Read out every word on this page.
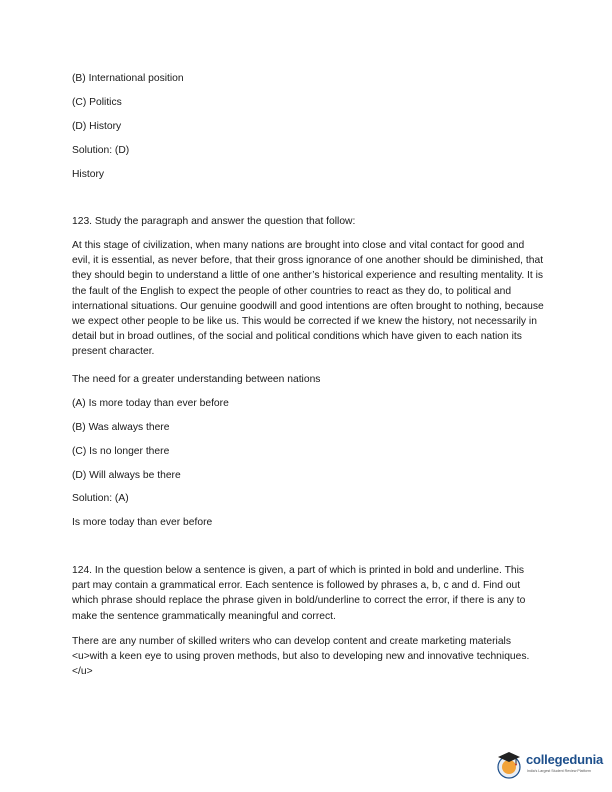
(B) International position

(C) Politics

(D) History

Solution: (D)

History

123. Study the paragraph and answer the question that follow:

At this stage of civilization, when many nations are brought into close and vital contact for good and evil, it is essential, as never before, that their gross ignorance of one another should be diminished, that they should begin to understand a little of one anther’s historical experience and resulting mentality. It is the fault of the English to expect the people of other countries to react as they do, to political and international situations. Our genuine goodwill and good intentions are often brought to nothing, because we expect other people to be like us. This would be corrected if we knew the history, not necessarily in detail but in broad outlines, of the social and political conditions which have given to each nation its present character.

The need for a greater understanding between nations

(A) Is more today than ever before

(B) Was always there

(C) Is no longer there

(D) Will always be there

Solution: (A)

Is more today than ever before

124. In the question below a sentence is given, a part of which is printed in bold and underline. This part may contain a grammatical error. Each sentence is followed by phrases a, b, c and d. Find out which phrase should replace the phrase given in bold/underline to correct the error, if there is any to make the sentence grammatically meaningful and correct.

There are any number of skilled writers who can develop content and create marketing materials <u>with a keen eye to using proven methods, but also to developing new and innovative techniques.</u>

collegedunia
India's Largest Student Review Platform
